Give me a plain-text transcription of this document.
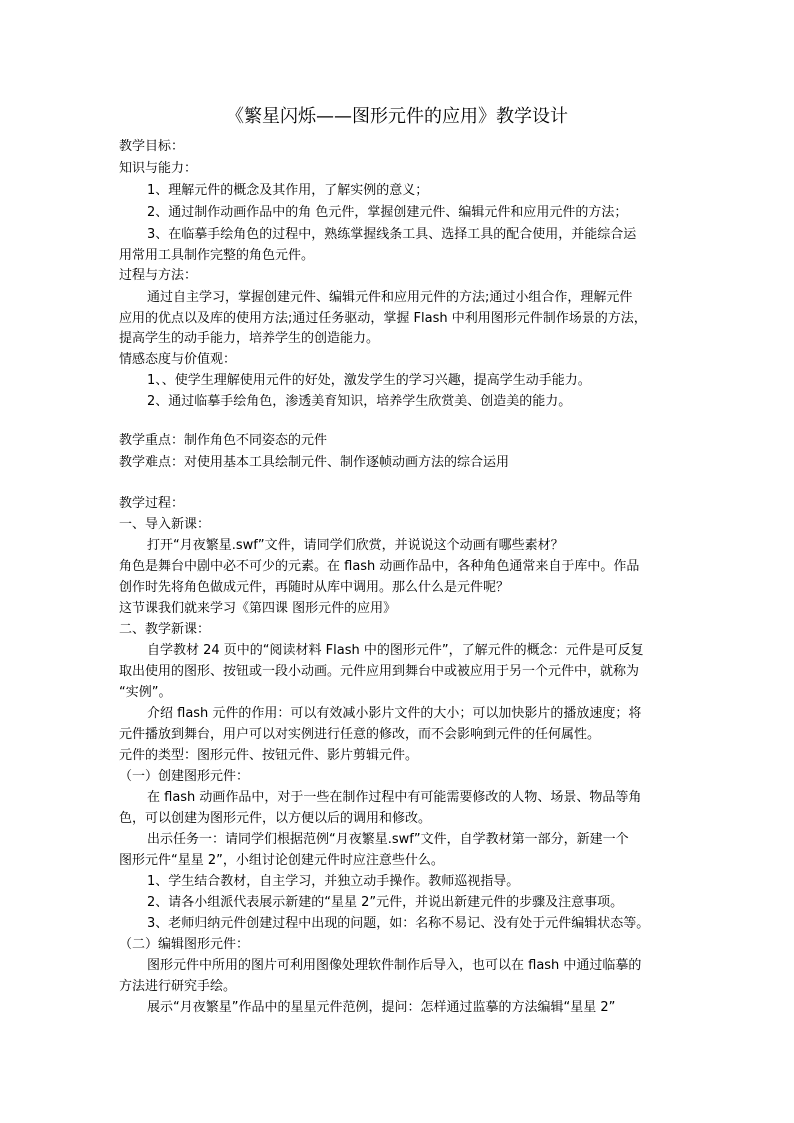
《繁星闪烁——图形元件的应用》教学设计
教学目标：
知识与能力：
1、理解元件的概念及其作用，了解实例的意义；
2、通过制作动画作品中的角 色元件，掌握创建元件、编辑元件和应用元件的方法；
3、在临摹手绘角色的过程中，熟练掌握线条工具、选择工具的配合使用，并能综合运
用常用工具制作完整的角色元件。
过程与方法：
通过自主学习，掌握创建元件、编辑元件和应用元件的方法;通过小组合作，理解元件
应用的优点以及库的使用方法;通过任务驱动，掌握 Flash 中利用图形元件制作场景的方法，
提高学生的动手能力，培养学生的创造能力。
情感态度与价值观：
1、、使学生理解使用元件的好处，激发学生的学习兴趣，提高学生动手能力。
2、通过临摹手绘角色，渗透美育知识，培养学生欣赏美、创造美的能力。
教学重点：制作角色不同姿态的元件
教学难点：对使用基本工具绘制元件、制作逐帧动画方法的综合运用
教学过程：
一、导入新课：
打开“月夜繁星.swf”文件，请同学们欣赏，并说说这个动画有哪些素材？
角色是舞台中剧中必不可少的元素。在 flash 动画作品中，各种角色通常来自于库中。作品
创作时先将角色做成元件，再随时从库中调用。那么什么是元件呢？
这节课我们就来学习《第四课 图形元件的应用》
二、教学新课：
自学教材 24 页中的“阅读材料 Flash 中的图形元件”，了解元件的概念：元件是可反复
取出使用的图形、按钮或一段小动画。元件应用到舞台中或被应用于另一个元件中，就称为
“实例”。
介绍 flash 元件的作用：可以有效减小影片文件的大小；可以加快影片的播放速度；将
元件播放到舞台，用户可以对实例进行任意的修改，而不会影响到元件的任何属性。
元件的类型：图形元件、按钮元件、影片剪辑元件。
（一）创建图形元件：
在 flash 动画作品中，对于一些在制作过程中有可能需要修改的人物、场景、物品等角
色，可以创建为图形元件，以方便以后的调用和修改。
出示任务一：请同学们根据范例“月夜繁星.swf”文件，自学教材第一部分，新建一个
图形元件“星星 2”，小组讨论创建元件时应注意些什么。
1、学生结合教材，自主学习，并独立动手操作。教师巡视指导。
2、请各小组派代表展示新建的“星星 2”元件，并说出新建元件的步骤及注意事项。
3、老师归纳元件创建过程中出现的问题，如：名称不易记、没有处于元件编辑状态等。
（二）编辑图形元件：
图形元件中所用的图片可利用图像处理软件制作后导入，也可以在 flash 中通过临摹的
方法进行研究手绘。
展示“月夜繁星”作品中的星星元件范例，提问：怎样通过监摹的方法编辑“星星 2”
